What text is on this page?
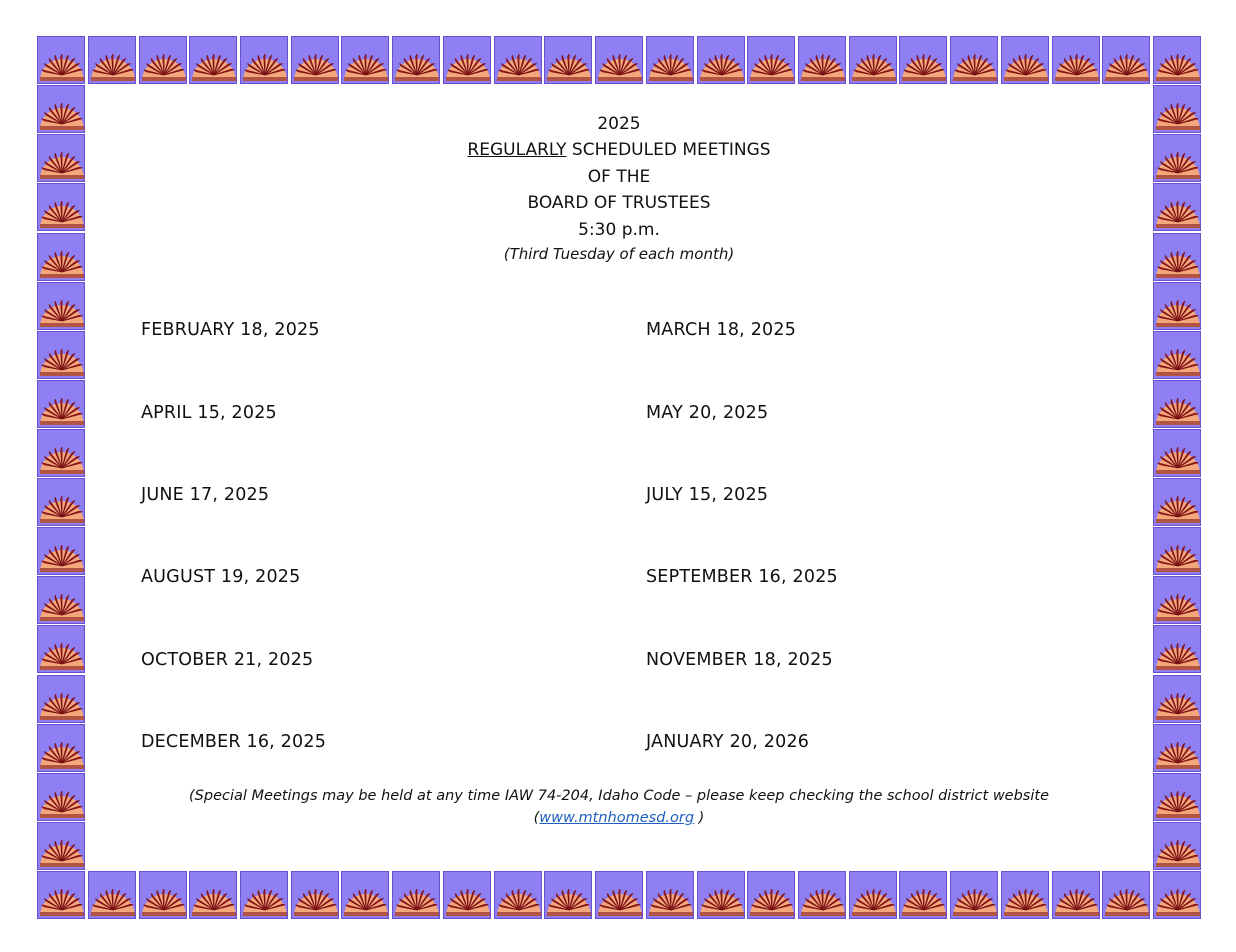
2025
REGULARLY SCHEDULED MEETINGS
OF THE
BOARD OF TRUSTEES
5:30 p.m.
(Third Tuesday of each month)
FEBRUARY 18, 2025	MARCH 18, 2025
APRIL 15, 2025	MAY 20, 2025
JUNE 17, 2025	JULY 15, 2025
AUGUST 19, 2025	SEPTEMBER 16, 2025
OCTOBER 21, 2025	NOVEMBER 18, 2025
DECEMBER 16, 2025	JANUARY 20, 2026
(Special Meetings may be held at any time IAW 74-204, Idaho Code – please keep checking the school district website
(www.mtnhomesd.org )
